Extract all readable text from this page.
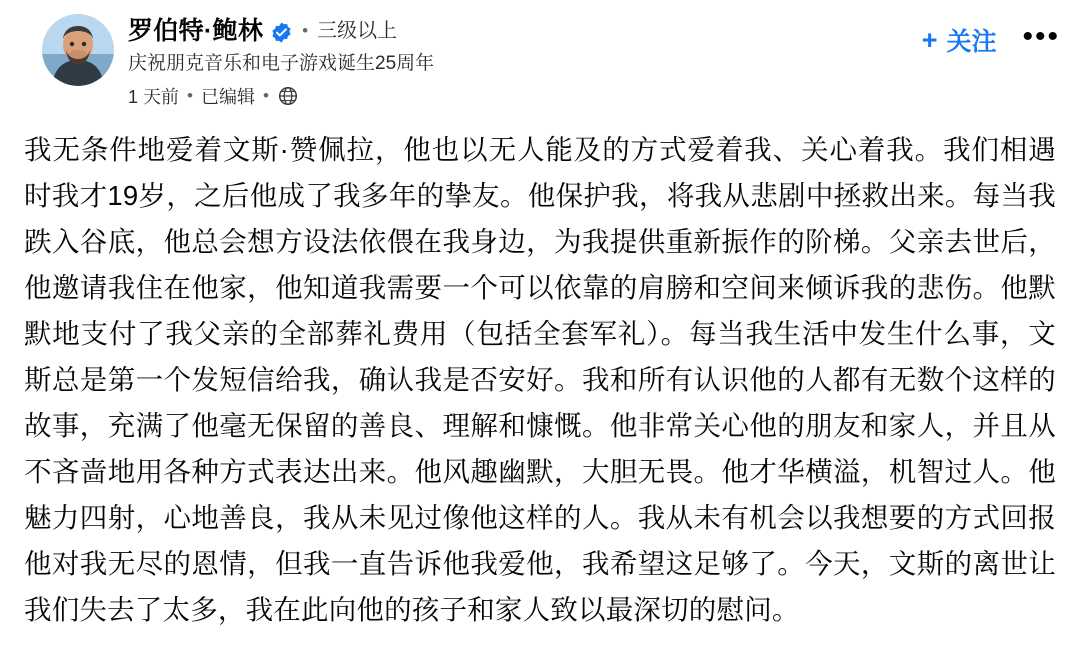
罗伯特·鲍林 • 三级以上
庆祝朋克音乐和电子游戏诞生25周年
1 天前 • 已编辑 •
+ 关注 •••
我无条件地爱着文斯·赞佩拉，他也以无人能及的方式爱着我、关心着我。我们相遇时我才19岁，之后他成了我多年的挚友。他保护我，将我从悲剧中拯救出来。每当我跌入谷底，他总会想方设法依偎在我身边，为我提供重新振作的阶梯。父亲去世后，他邀请我住在他家，他知道我需要一个可以依靠的肩膀和空间来倾诉我的悲伤。他默默地支付了我父亲的全部葬礼费用（包括全套军礼）。每当我生活中发生什么事，文斯总是第一个发短信给我，确认我是否安好。我和所有认识他的人都有无数个这样的故事，充满了他毫无保留的善良、理解和慷慨。他非常关心他的朋友和家人，并且从不吝啬地用各种方式表达出来。他风趣幽默，大胆无畏。他才华横溢，机智过人。他魅力四射，心地善良，我从未见过像他这样的人。我从未有机会以我想要的方式回报他对我无尽的恩情，但我一直告诉他我爱他，我希望这足够了。今天，文斯的离世让我们失去了太多，我在此向他的孩子和家人致以最深切的慰问。
